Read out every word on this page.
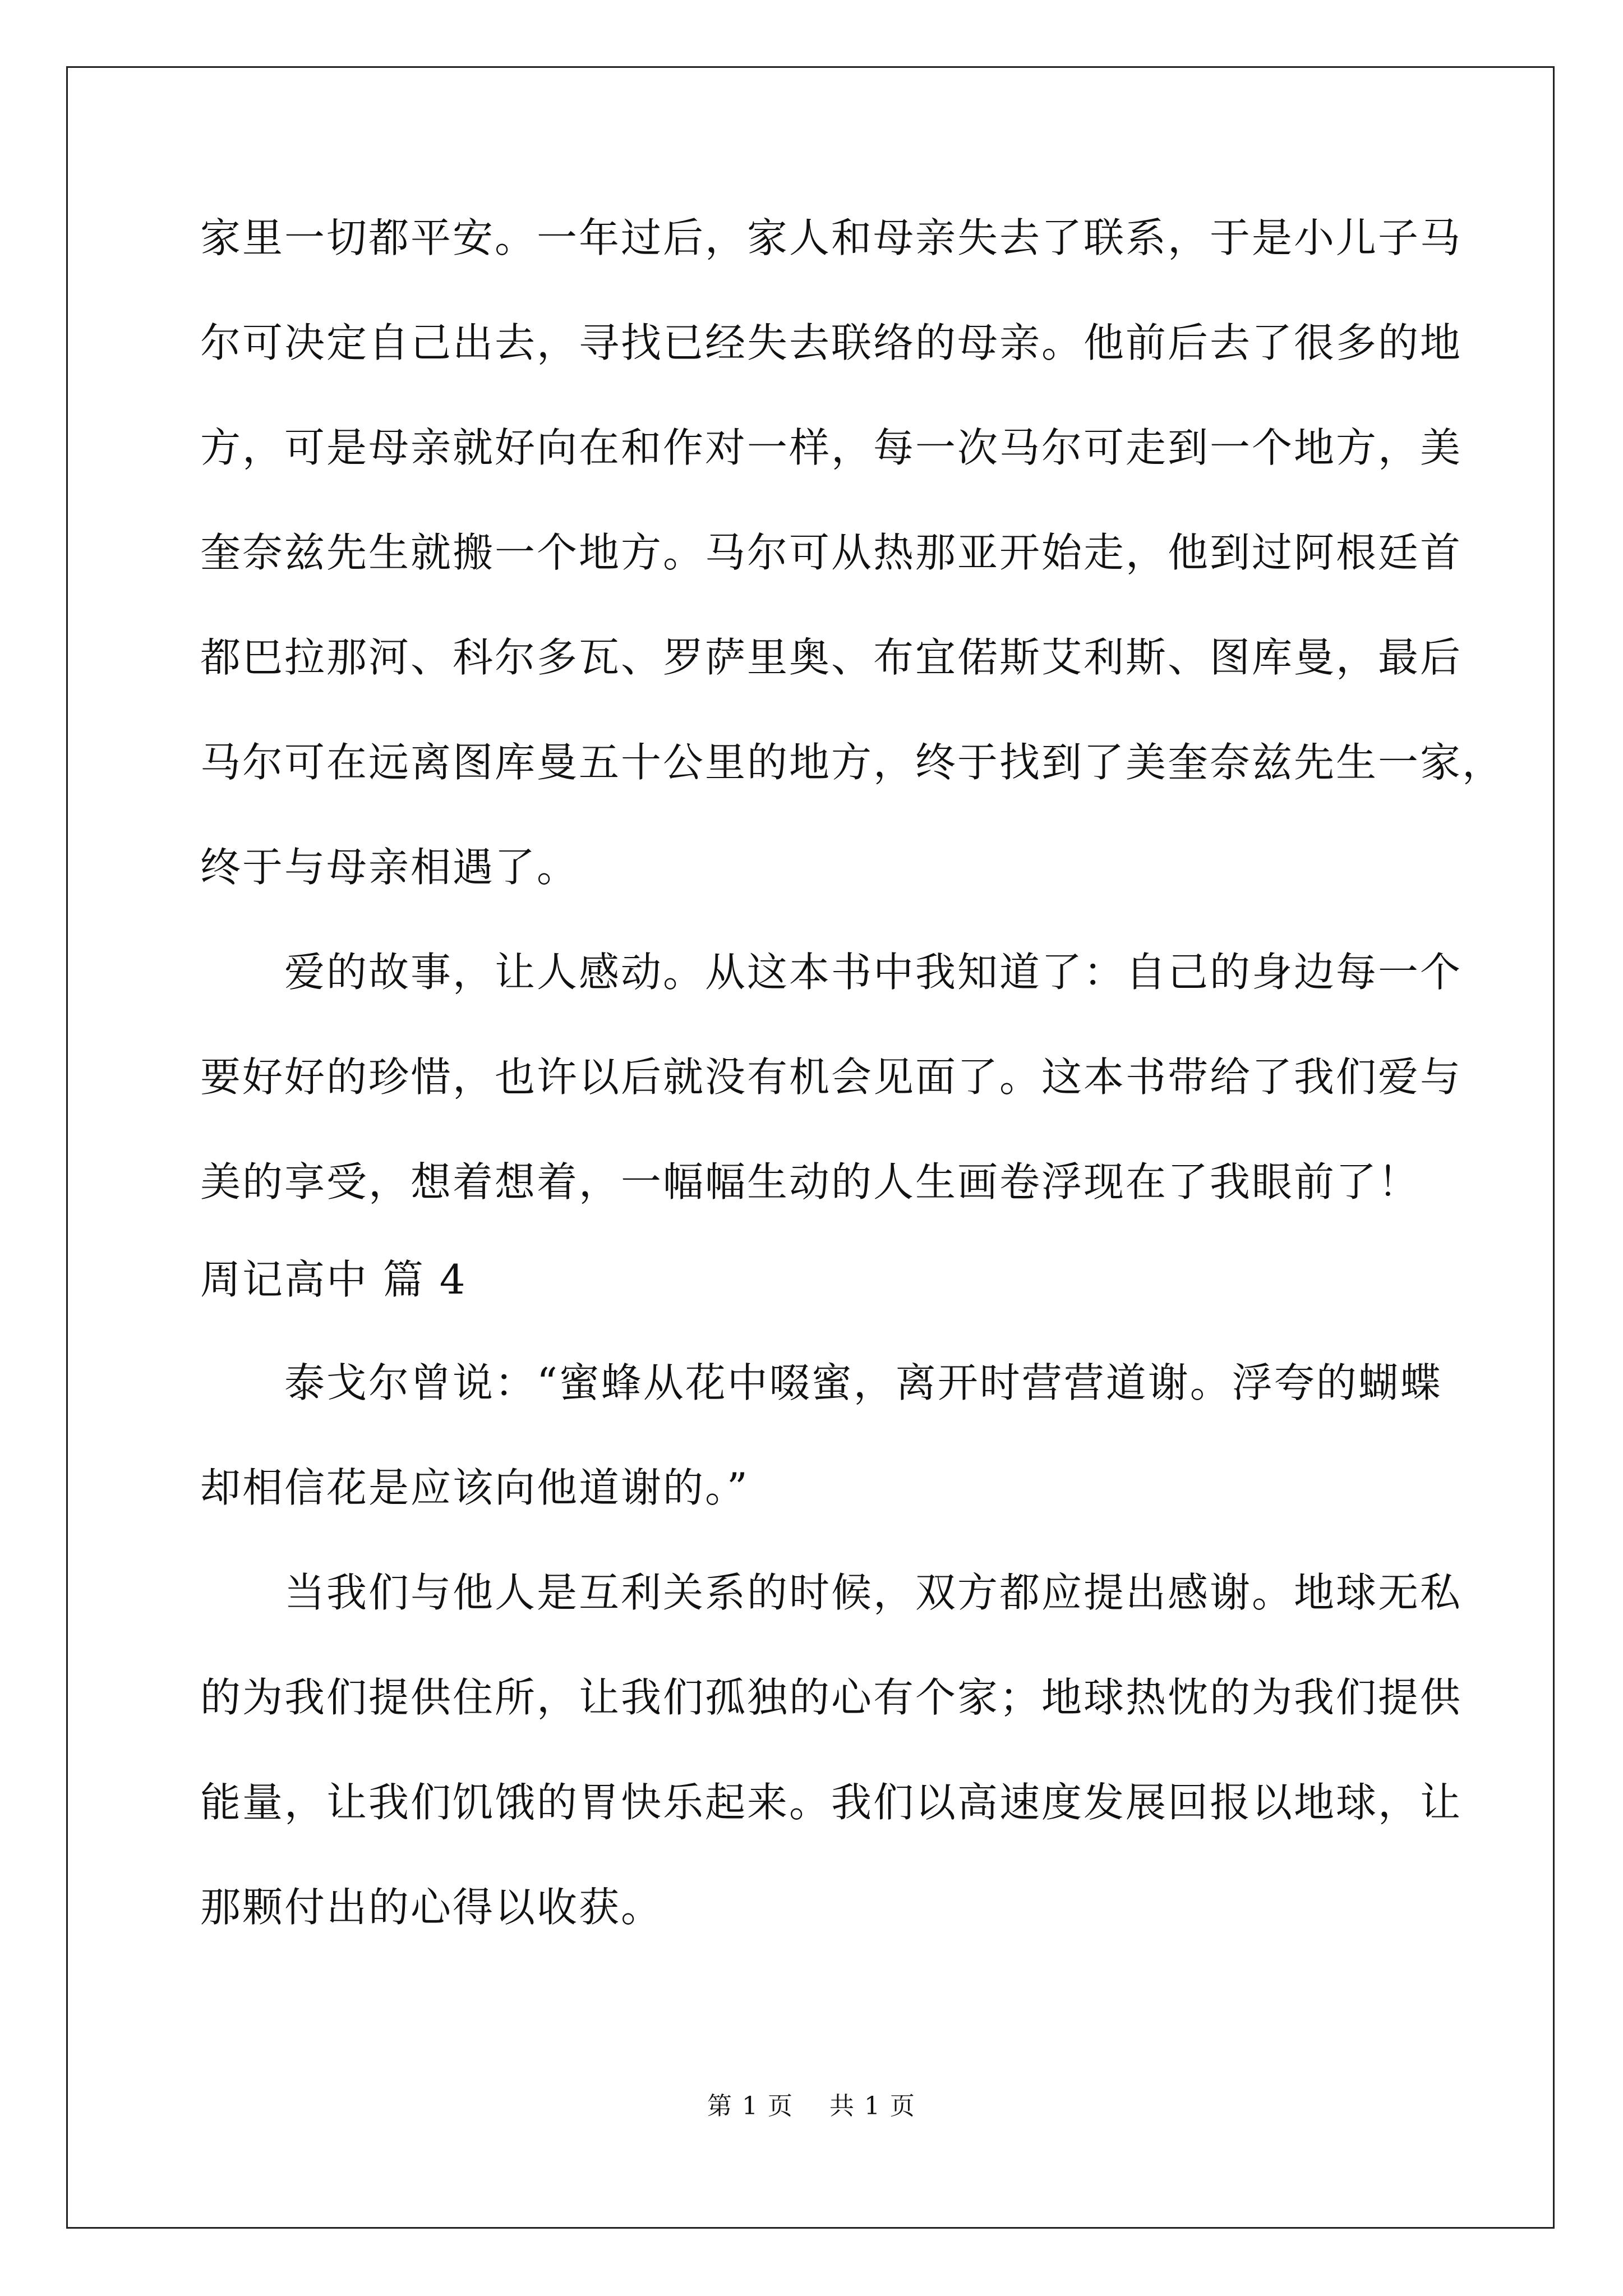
家里一切都平安。一年过后，家人和母亲失去了联系，于是小儿子马
尔可决定自己出去，寻找已经失去联络的母亲。他前后去了很多的地
方，可是母亲就好向在和作对一样，每一次马尔可走到一个地方，美
奎奈兹先生就搬一个地方。马尔可从热那亚开始走，他到过阿根廷首
都巴拉那河、科尔多瓦、罗萨里奥、布宜偌斯艾利斯、图库曼，最后
马尔可在远离图库曼五十公里的地方，终于找到了美奎奈兹先生一家，
终于与母亲相遇了。
爱的故事，让人感动。从这本书中我知道了：自己的身边每一个
要好好的珍惜，也许以后就没有机会见面了。这本书带给了我们爱与
美的享受，想着想着，一幅幅生动的人生画卷浮现在了我眼前了！
周记高中 篇 4
泰戈尔曾说：“蜜蜂从花中啜蜜，离开时营营道谢。浮夸的蝴蝶
却相信花是应该向他道谢的。”
当我们与他人是互利关系的时候，双方都应提出感谢。地球无私
的为我们提供住所，让我们孤独的心有个家；地球热忱的为我们提供
能量，让我们饥饿的胃快乐起来。我们以高速度发展回报以地球，让
那颗付出的心得以收获。
第 1 页    共 1 页
